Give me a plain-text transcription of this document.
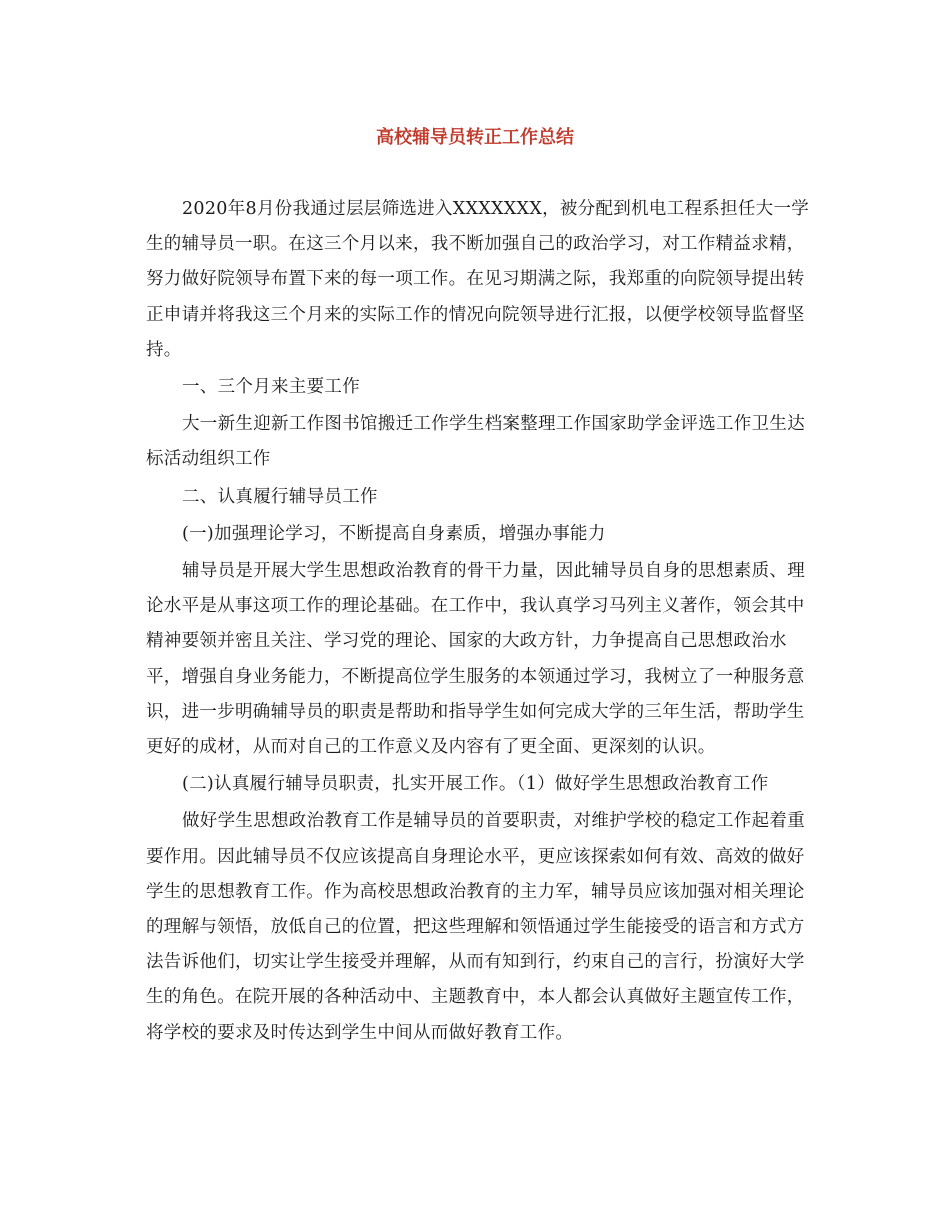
高校辅导员转正工作总结

2020年8月份我通过层层筛选进入XXXXXXX，被分配到机电工程系担任大一学生的辅导员一职。在这三个月以来，我不断加强自己的政治学习，对工作精益求精，努力做好院领导布置下来的每一项工作。在见习期满之际，我郑重的向院领导提出转正申请并将我这三个月来的实际工作的情况向院领导进行汇报，以便学校领导监督坚持。

一、三个月来主要工作

大一新生迎新工作图书馆搬迁工作学生档案整理工作国家助学金评选工作卫生达标活动组织工作

二、认真履行辅导员工作

(一)加强理论学习，不断提高自身素质，增强办事能力

辅导员是开展大学生思想政治教育的骨干力量，因此辅导员自身的思想素质、理论水平是从事这项工作的理论基础。在工作中，我认真学习马列主义著作，领会其中精神要领并密且关注、学习党的理论、国家的大政方针，力争提高自己思想政治水平，增强自身业务能力，不断提高位学生服务的本领通过学习，我树立了一种服务意识，进一步明确辅导员的职责是帮助和指导学生如何完成大学的三年生活，帮助学生更好的成材，从而对自己的工作意义及内容有了更全面、更深刻的认识。

(二)认真履行辅导员职责，扎实开展工作。（1）做好学生思想政治教育工作

做好学生思想政治教育工作是辅导员的首要职责，对维护学校的稳定工作起着重要作用。因此辅导员不仅应该提高自身理论水平，更应该探索如何有效、高效的做好学生的思想教育工作。作为高校思想政治教育的主力军，辅导员应该加强对相关理论的理解与领悟，放低自己的位置，把这些理解和领悟通过学生能接受的语言和方式方法告诉他们，切实让学生接受并理解，从而有知到行，约束自己的言行，扮演好大学生的角色。在院开展的各种活动中、主题教育中，本人都会认真做好主题宣传工作，将学校的要求及时传达到学生中间从而做好教育工作。
